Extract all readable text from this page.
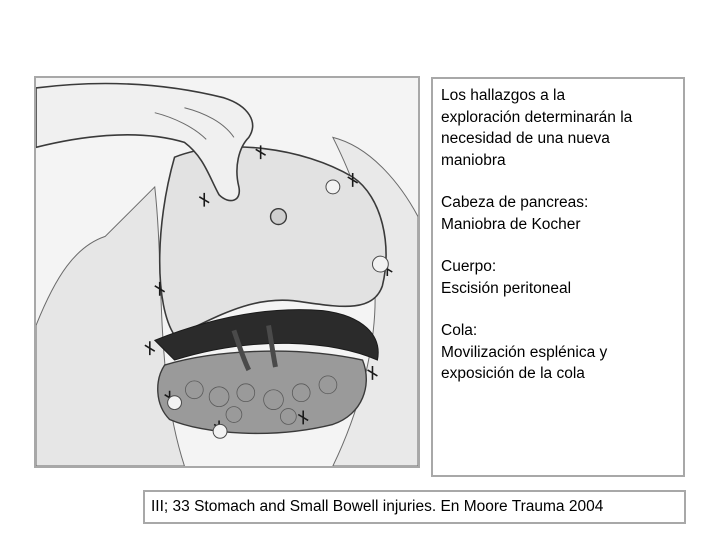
Los hallazgos a la
exploración determinarán la
necesidad de una nueva
maniobra

Cabeza de pancreas:
Maniobra de Kocher

Cuerpo:
Escisión peritoneal

Cola:
Movilización esplénica y
exposición de la cola

III; 33 Stomach and Small Bowell injuries. En Moore Trauma 2004
